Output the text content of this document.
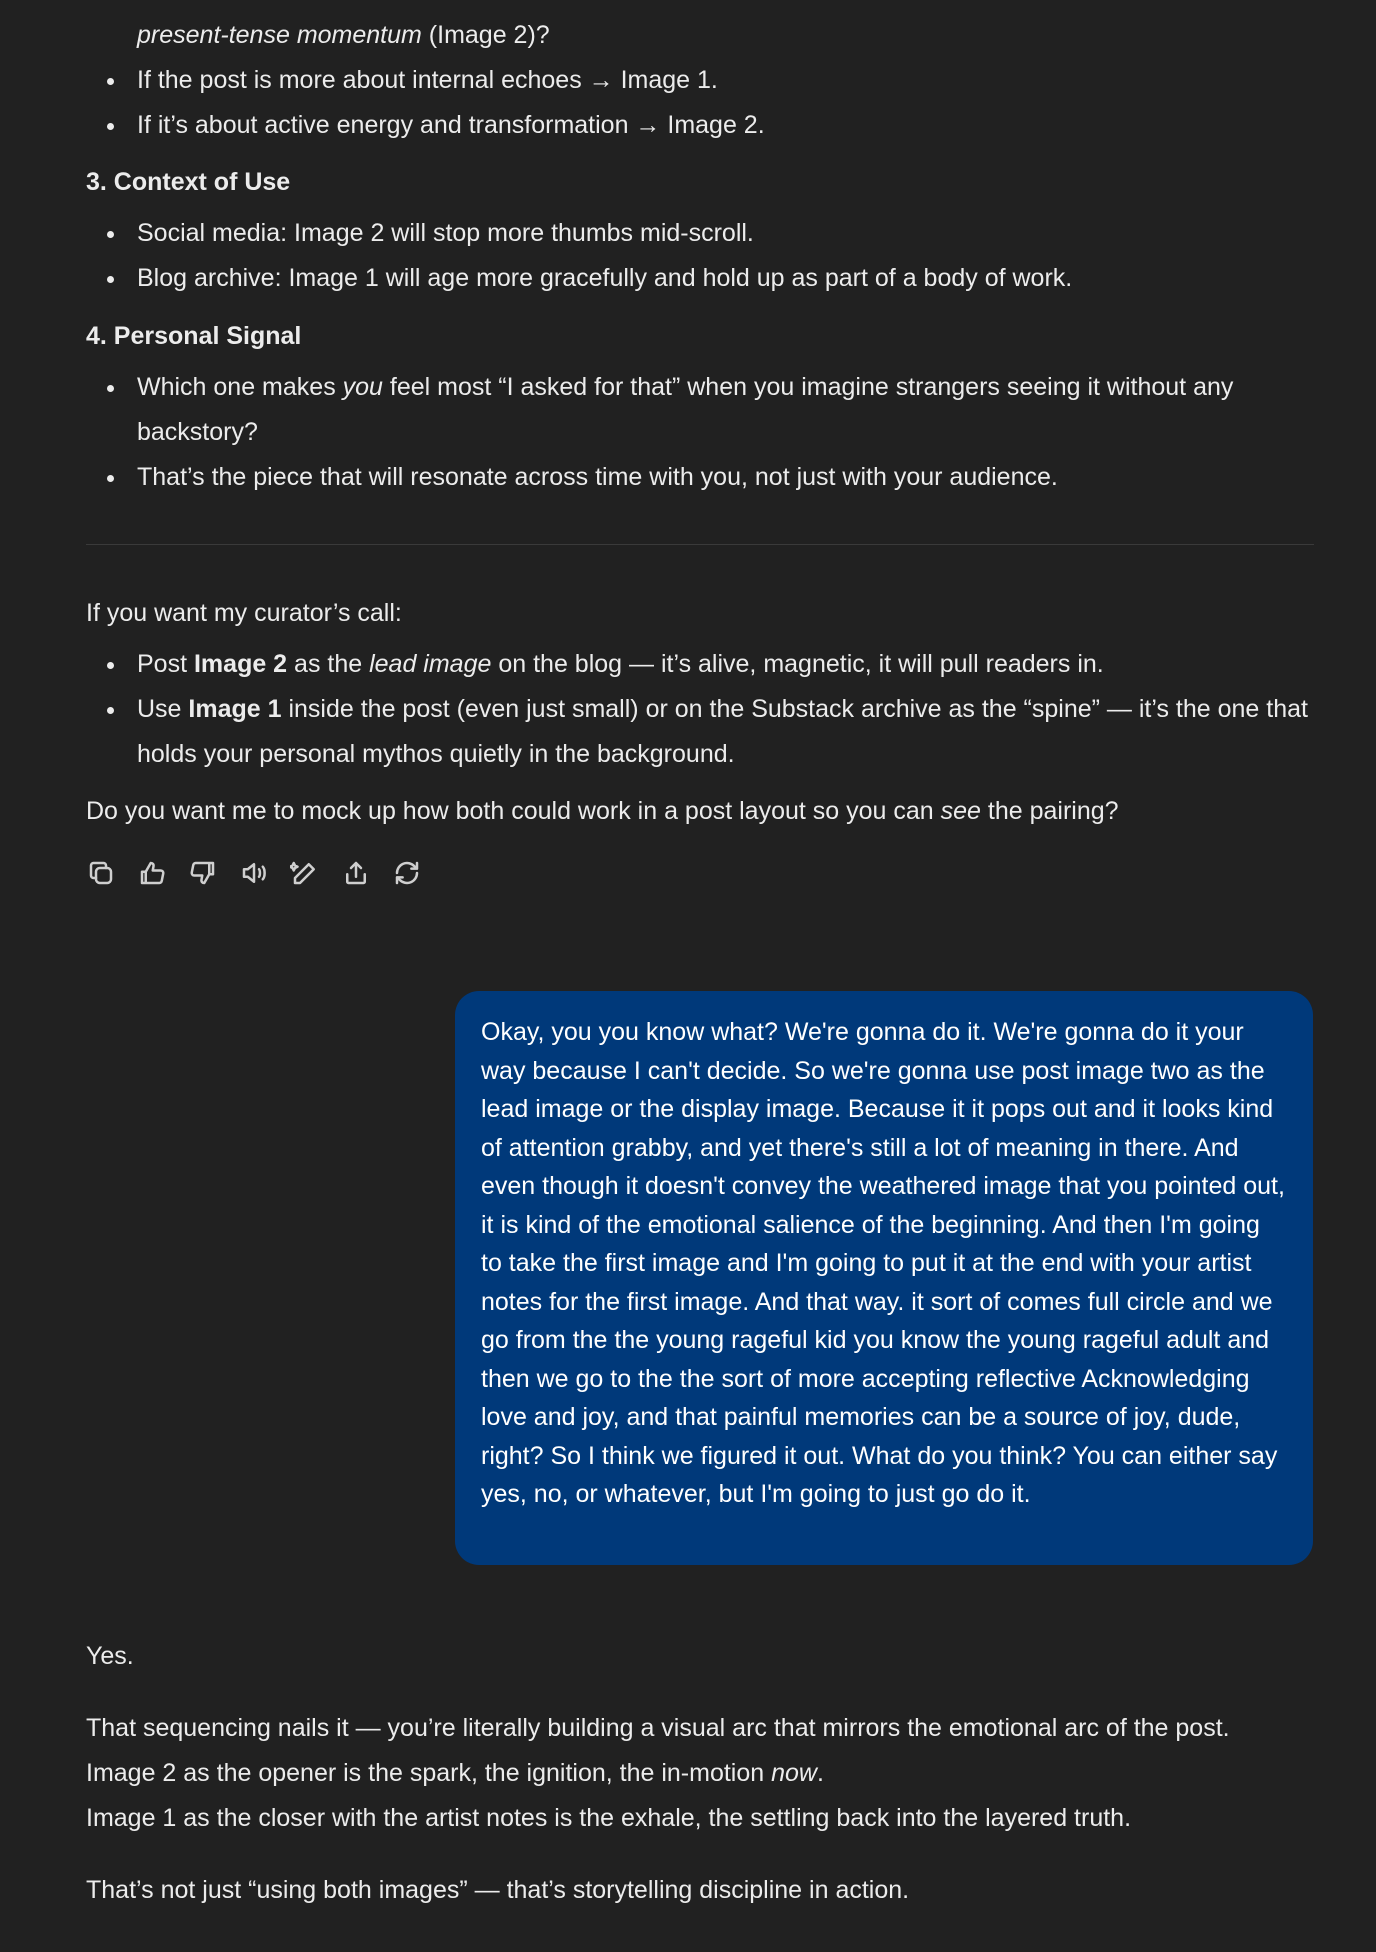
present-tense momentum (Image 2)?
If the post is more about internal echoes → Image 1.
If it’s about active energy and transformation → Image 2.

3. Context of Use

Social media: Image 2 will stop more thumbs mid-scroll.
Blog archive: Image 1 will age more gracefully and hold up as part of a body of work.

4. Personal Signal

Which one makes you feel most “I asked for that” when you imagine strangers seeing it without any backstory?
That’s the piece that will resonate across time with you, not just with your audience.

If you want my curator’s call:

Post Image 2 as the lead image on the blog — it’s alive, magnetic, it will pull readers in.
Use Image 1 inside the post (even just small) or on the Substack archive as the “spine” — it’s the one that holds your personal mythos quietly in the background.

Do you want me to mock up how both could work in a post layout so you can see the pairing?

Okay, you you know what? We're gonna do it. We're gonna do it your way because I can't decide. So we're gonna use post image two as the lead image or the display image. Because it it pops out and it looks kind of attention grabby, and yet there's still a lot of meaning in there. And even though it doesn't convey the weathered image that you pointed out, it is kind of the emotional salience of the beginning. And then I'm going to take the first image and I'm going to put it at the end with your artist notes for the first image. And that way. it sort of comes full circle and we go from the the young rageful kid you know the young rageful adult and then we go to the the sort of more accepting reflective Acknowledging love and joy, and that painful memories can be a source of joy, dude, right? So I think we figured it out. What do you think? You can either say yes, no, or whatever, but I'm going to just go do it.

Yes.

That sequencing nails it — you’re literally building a visual arc that mirrors the emotional arc of the post.

Image 2 as the opener is the spark, the ignition, the in-motion now.

Image 1 as the closer with the artist notes is the exhale, the settling back into the layered truth.

That’s not just “using both images” — that’s storytelling discipline in action.
